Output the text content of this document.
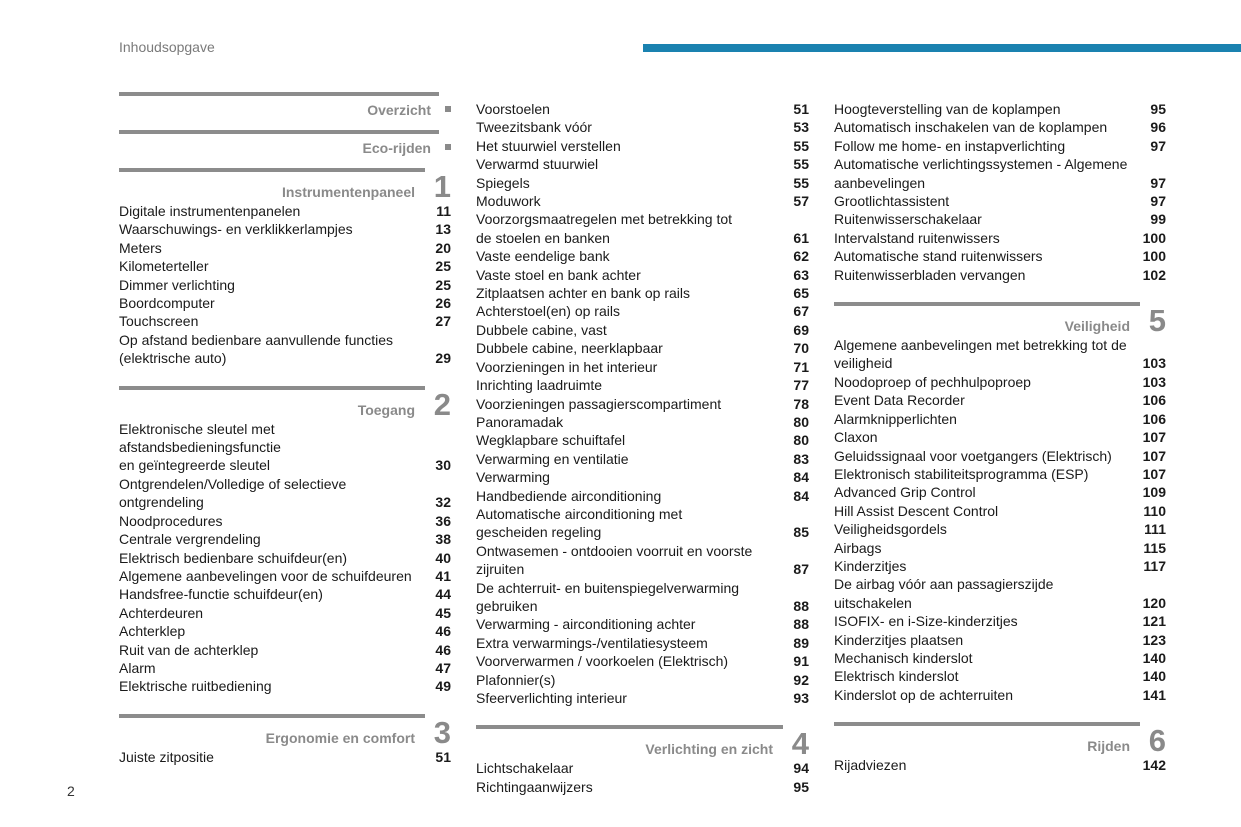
Inhoudsopgave
Overzicht
Eco-rijden
Instrumentenpaneel 1
Digitale instrumentenpanelen	11
Waarschuwings- en verklikkerlampjes	13
Meters	20
Kilometerteller	25
Dimmer verlichting	25
Boordcomputer	26
Touchscreen	27
Op afstand bedienbare aanvullende functies
(elektrische auto)	29
Toegang 2
Elektronische sleutel met afstandsbedieningsfunctie
en geïntegreerde sleutel	30
Ontgrendelen/Volledige of selectieve ontgrendeling	32
Noodprocedures	36
Centrale vergrendeling	38
Elektrisch bedienbare schuifdeur(en)	40
Algemene aanbevelingen voor de schuifdeuren	41
Handsfree-functie schuifdeur(en)	44
Achterdeuren	45
Achterklep	46
Ruit van de achterklep	46
Alarm	47
Elektrische ruitbediening	49
Ergonomie en comfort 3
Juiste zitpositie	51
Voorstoelen	51
Tweezitsbank vóór	53
Het stuurwiel verstellen	55
Verwarmd stuurwiel	55
Spiegels	55
Moduwork	57
Voorzorgsmaatregelen met betrekking tot
de stoelen en banken	61
Vaste eendelige bank	62
Vaste stoel en bank achter	63
Zitplaatsen achter en bank op rails	65
Achterstoel(en) op rails	67
Dubbele cabine, vast	69
Dubbele cabine, neerklapbaar	70
Voorzieningen in het interieur	71
Inrichting laadruimte	77
Voorzieningen passagierscompartiment	78
Panoramadak	80
Wegklapbare schuiftafel	80
Verwarming en ventilatie	83
Verwarming	84
Handbediende airconditioning	84
Automatische airconditioning met
gescheiden regeling	85
Ontwasemen - ontdooien voorruit en voorste zijruiten	87
De achterruit- en buitenspiegelverwarming gebruiken	88
Verwarming - airconditioning achter	88
Extra verwarmings-/ventilatiesysteem	89
Voorverwarmen / voorkoelen (Elektrisch)	91
Plafonnier(s)	92
Sfeerverlichting interieur	93
Verlichting en zicht 4
Lichtschakelaar	94
Richtingaanwijzers	95
Hoogteverstelling van de koplampen	95
Automatisch inschakelen van de koplampen	96
Follow me home- en instapverlichting	97
Automatische verlichtingssystemen - Algemene
aanbevelingen	97
Grootlichtassistent	97
Ruitenwisserschakelaar	99
Intervalstand ruitenwissers	100
Automatische stand ruitenwissers	100
Ruitenwisserbladen vervangen	102
Veiligheid 5
Algemene aanbevelingen met betrekking tot de
veiligheid	103
Noodoproep of pechhulpoproep	103
Event Data Recorder	106
Alarmknipperlichten	106
Claxon	107
Geluidssignaal voor voetgangers (Elektrisch)	107
Elektronisch stabiliteitsprogramma (ESP)	107
Advanced Grip Control	109
Hill Assist Descent Control	110
Veiligheidsgordels	111
Airbags	115
Kinderzitjes	117
De airbag vóór aan passagierszijde uitschakelen	120
ISOFIX- en i-Size-kinderzitjes	121
Kinderzitjes plaatsen	123
Mechanisch kinderslot	140
Elektrisch kinderslot	140
Kinderslot op de achterruiten	141
Rijden 6
Rijadviezen	142
2
